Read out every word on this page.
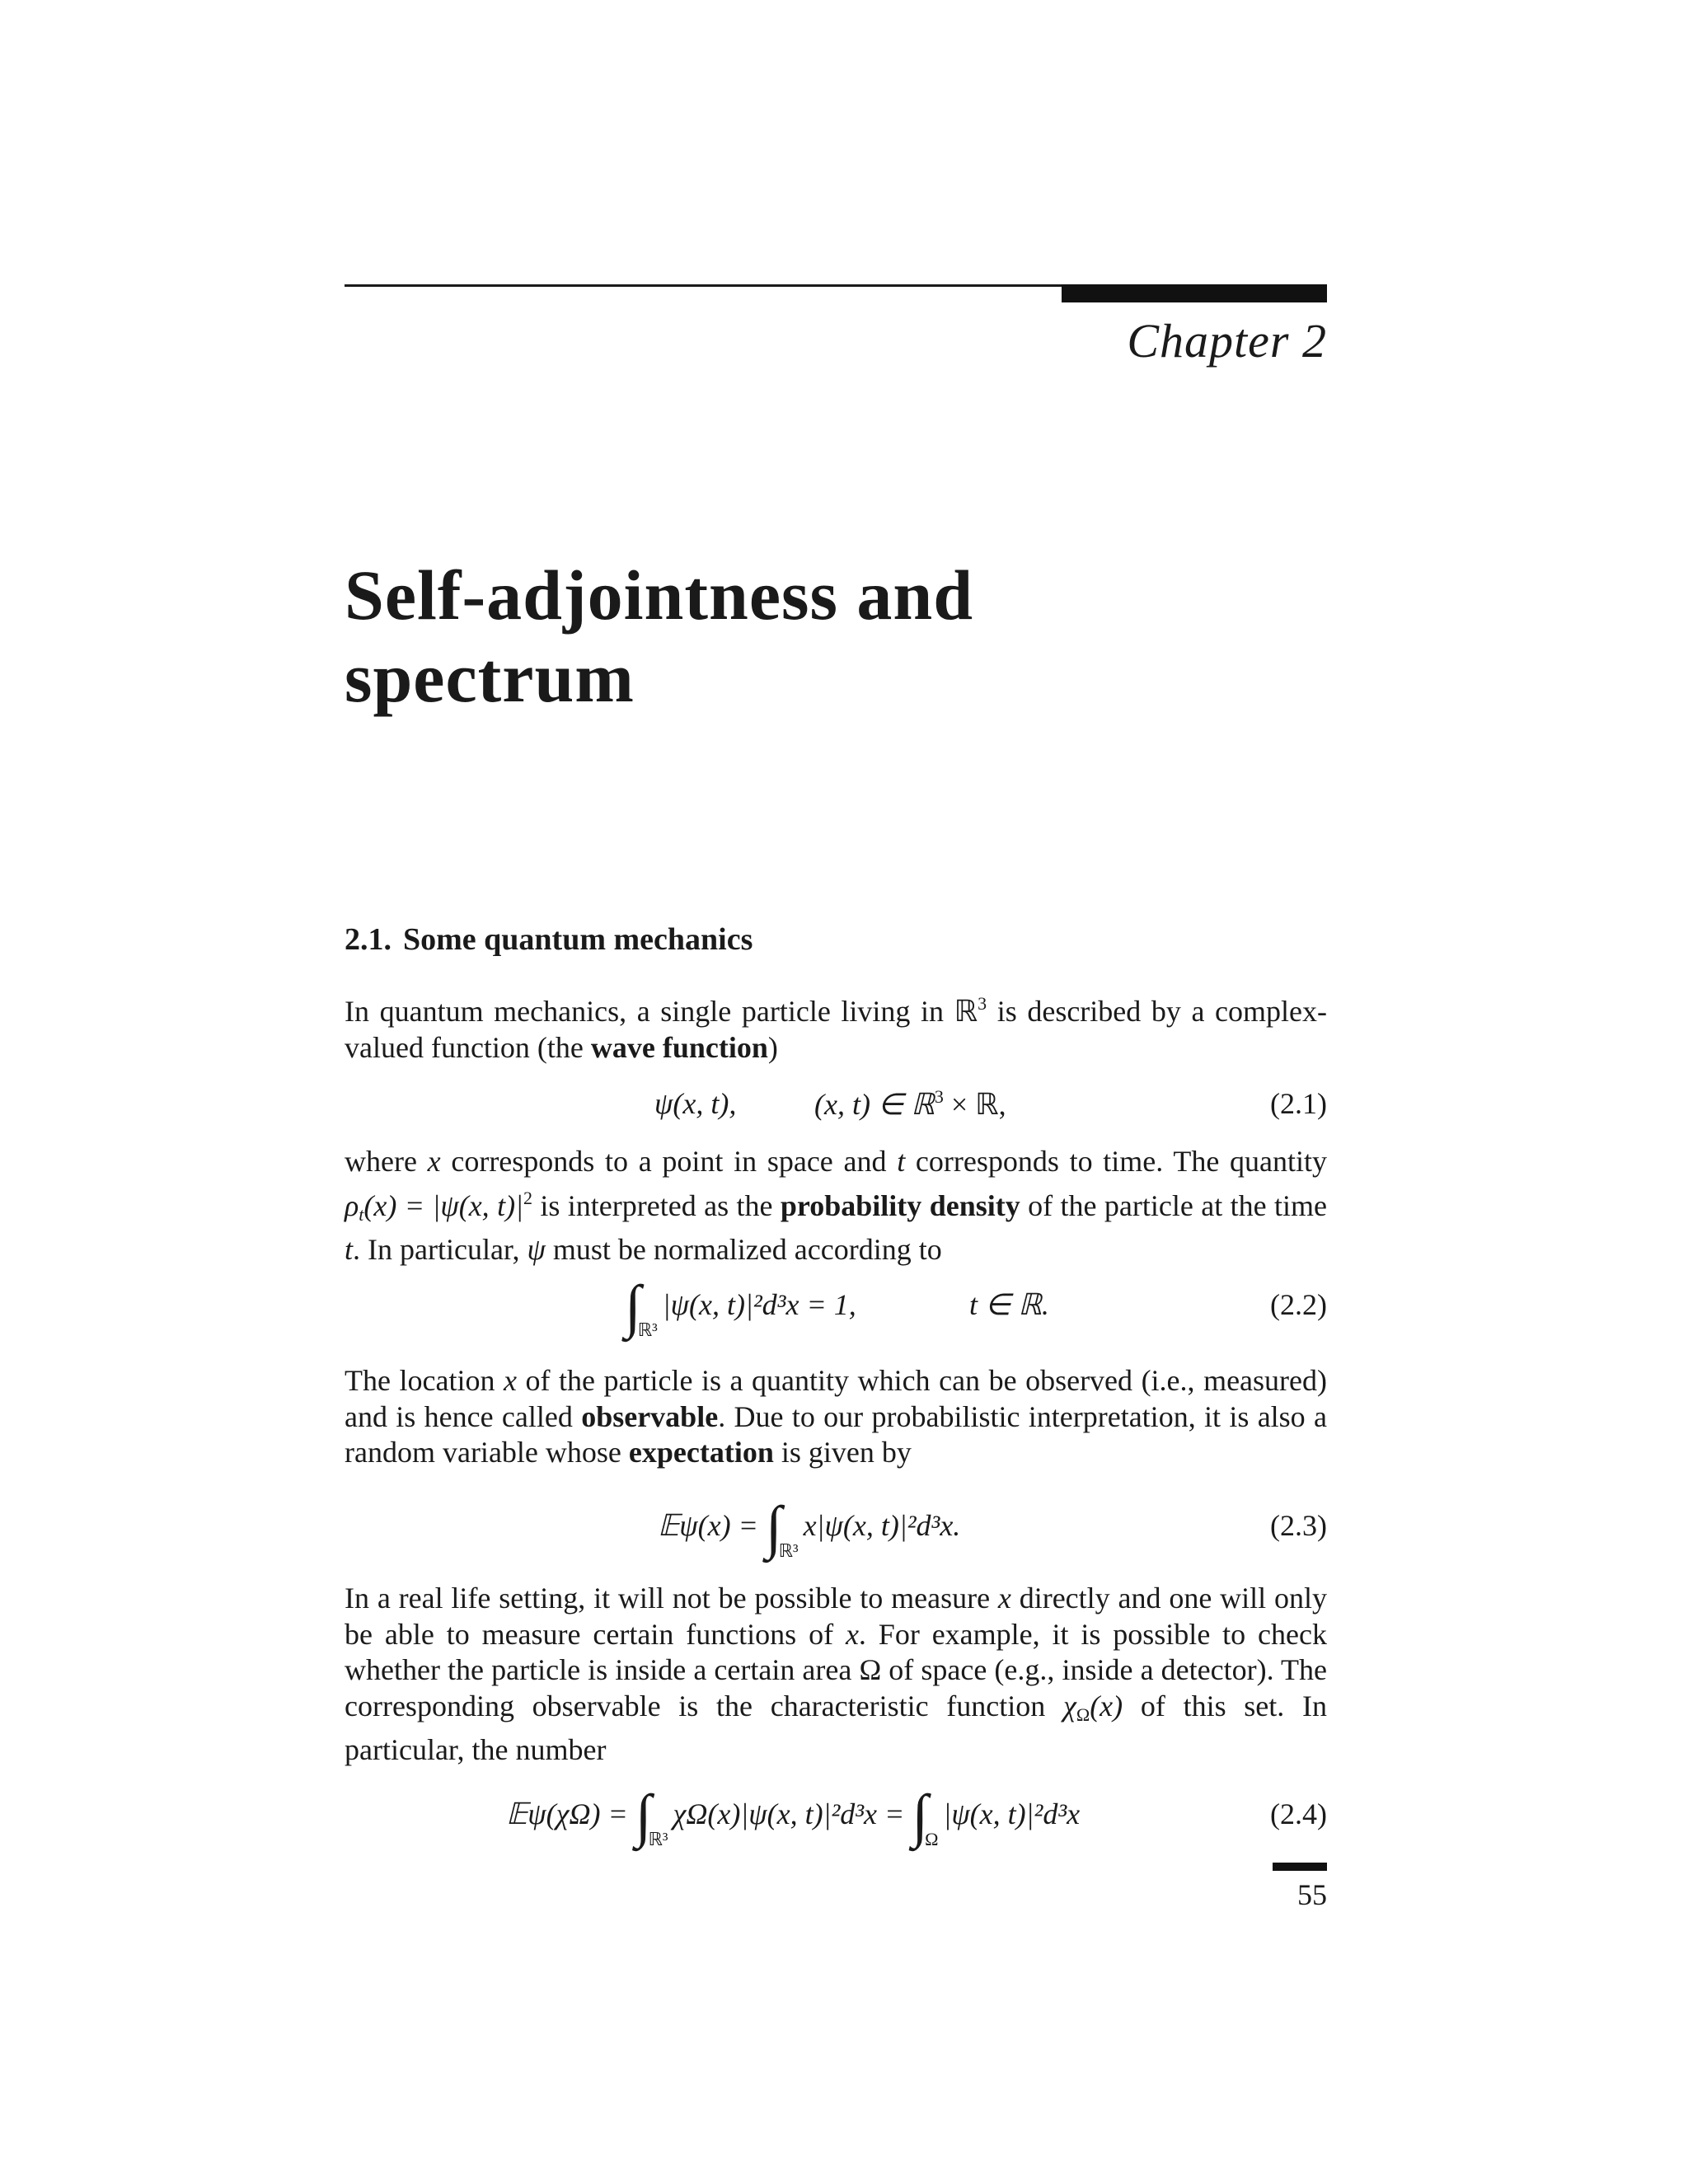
Chapter 2
Self-adjointness and
spectrum
2.1. Some quantum mechanics
In quantum mechanics, a single particle living in ℝ$^3$ is described by a complex-valued function (the wave function)
ψ(x, t),	(x, t) ∈ ℝ$^3$ × ℝ,	(2.1)
where x corresponds to a point in space and t corresponds to time. The quantity ρt(x) = |ψ(x, $t)|^2$ is interpreted as the probability density of the particle at the time t. In particular, ψ must be normalized according to
$\int_{ℝ^3}|\psi(x$, t)|²d³x = 1,	t ∈ ℝ.	(2.2)
The location x of the particle is a quantity which can be observed (i.e., measured) and is hence called observable. Due to our probabilistic interpretation, it is also a random variable whose expectation is given by
𝔼ψ(x) = $\int_{ℝ^3}x|\psi(x$, t)|²d³x.	(2.3)
In a real life setting, it will not be possible to measure x directly and one will only be able to measure certain functions of x. For example, it is possible to check whether the particle is inside a certain area Ω of space (e.g., inside a detector). The corresponding observable is the characteristic function χΩ(x) of this set. In particular, the number
𝔼ψ(χΩ) = $\int_{ℝ^3}\chi\Omega(x)|\psi(x$, $t)|^2d^3x = \int_\Omega|\psi(x$, t)|²d³x	(2.4)
55
